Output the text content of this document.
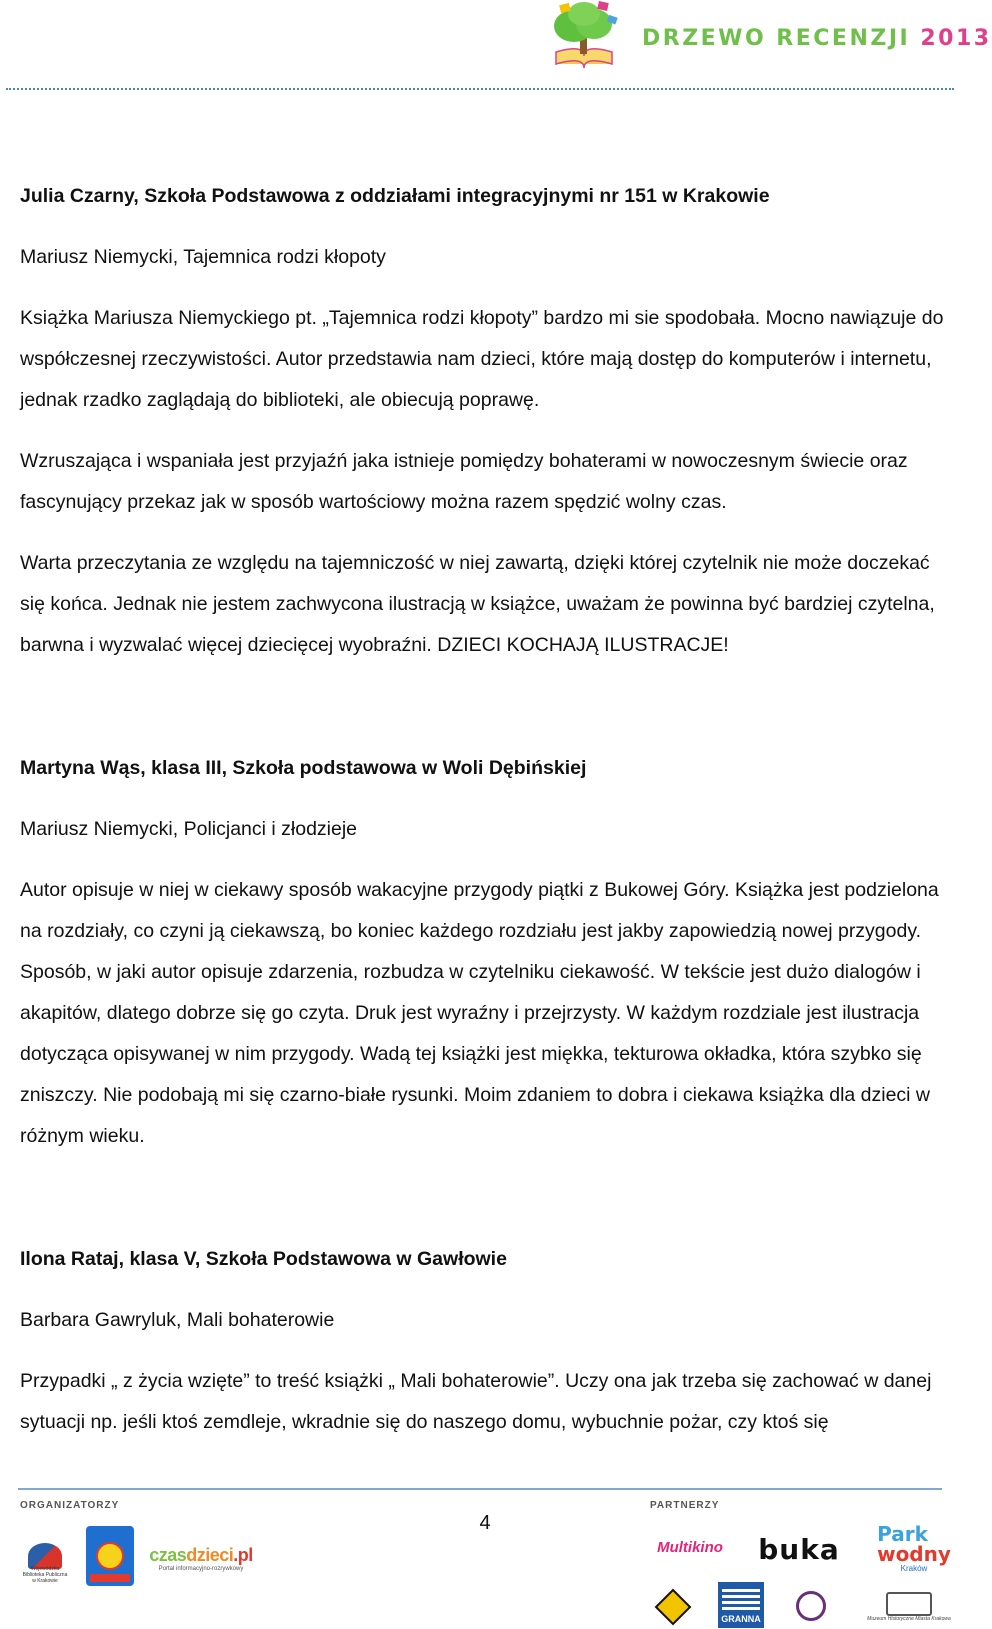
DRZEWO RECENZJI 2013
Julia Czarny, Szkoła Podstawowa z oddziałami integracyjnymi nr 151 w Krakowie
Mariusz Niemycki, Tajemnica rodzi kłopoty
Książka Mariusza Niemyckiego pt. „Tajemnica rodzi kłopoty” bardzo mi sie spodobała. Mocno nawiązuje do współczesnej rzeczywistości. Autor przedstawia nam dzieci, które mają dostęp do komputerów i internetu, jednak rzadko zaglądają do biblioteki, ale obiecują poprawę.
Wzruszająca i wspaniała jest przyjaźń jaka istnieje pomiędzy bohaterami w nowoczesnym świecie oraz fascynujący przekaz jak w sposób wartościowy można razem spędzić wolny czas.
Warta przeczytania ze względu na tajemniczość w niej zawartą, dzięki której czytelnik nie może doczekać się końca. Jednak nie jestem zachwycona ilustracją w książce, uważam że powinna być bardziej czytelna, barwna i wyzwalać więcej dziecięcej wyobraźni. DZIECI KOCHAJĄ ILUSTRACJE!
Martyna Wąs, klasa III, Szkoła podstawowa w Woli Dębińskiej
Mariusz Niemycki, Policjanci i złodzieje
Autor opisuje w niej w ciekawy sposób wakacyjne przygody piątki z Bukowej Góry. Książka jest podzielona na rozdziały, co czyni ją ciekawszą, bo koniec każdego rozdziału jest jakby zapowiedzią nowej przygody. Sposób, w jaki autor opisuje zdarzenia, rozbudza w czytelniku ciekawość. W tekście jest dużo dialogów i akapitów, dlatego dobrze się go czyta. Druk jest wyraźny i przejrzysty. W każdym rozdziale jest ilustracja dotycząca opisywanej w nim przygody. Wadą tej książki jest miękka, tekturowa okładka, która szybko się zniszczy. Nie podobają mi się czarno-białe rysunki. Moim zdaniem to dobra i ciekawa książka dla dzieci w różnym wieku.
Ilona Rataj, klasa V, Szkoła Podstawowa w Gawłowie
Barbara Gawryluk, Mali bohaterowie
Przypadki „ z życia wzięte” to treść książki „ Mali bohaterowie”. Uczy ona jak trzeba się zachować w danej sytuacji np. jeśli ktoś zemdleje, wkradnie się do naszego domu, wybuchnie pożar, czy ktoś się
ORGANIZATORZY	PARTNERZY
4
Wojewódzka Biblioteka Publiczna w Krakowie
czasdzieci.pl
Portal informacyjno-rozrywkowy
Multikino buka	Park
wodny
Kraków
GRANNA	Muzeum Historyczne Miasta Krakowa
